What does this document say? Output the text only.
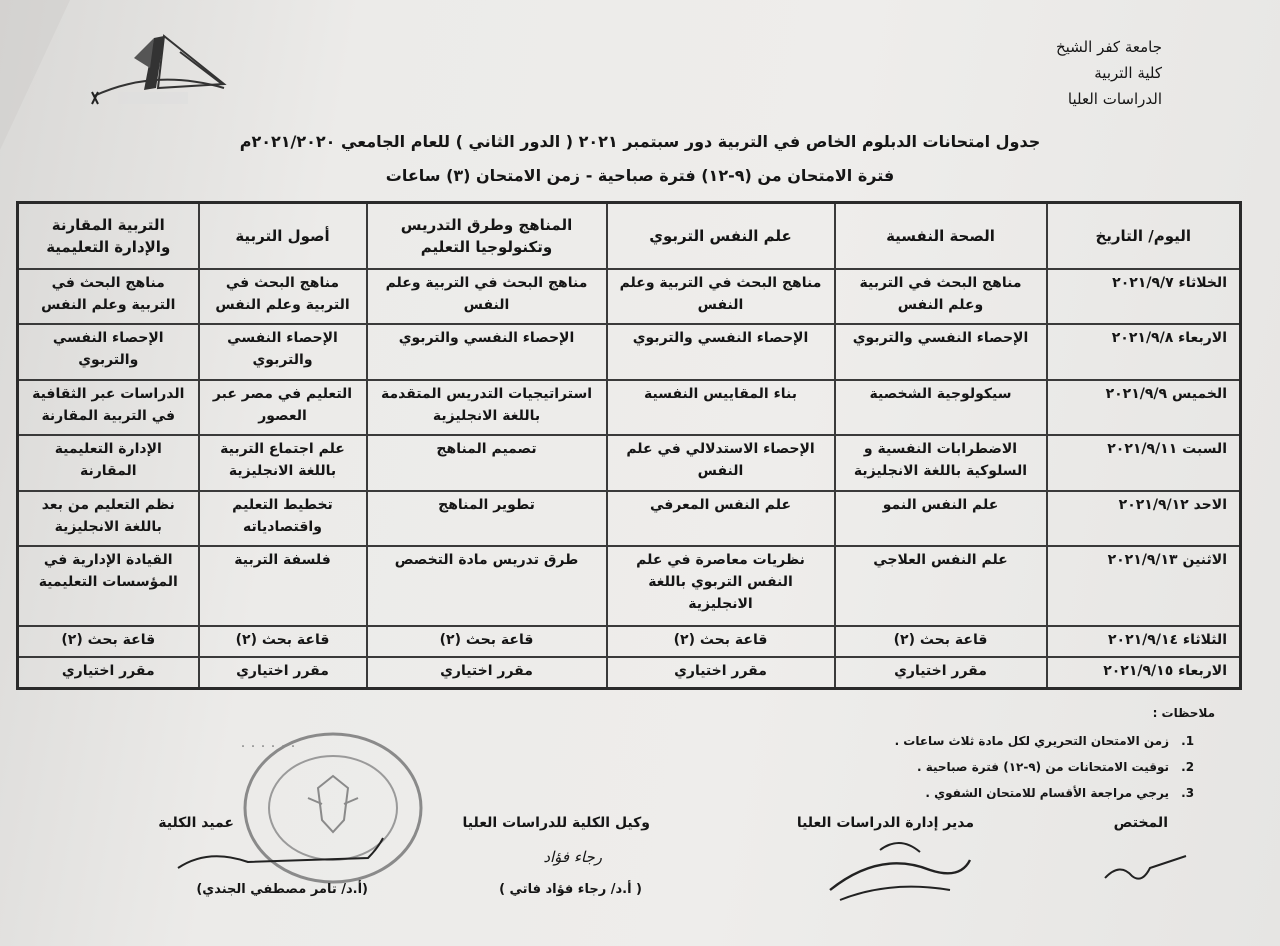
جامعة كفر الشيخ
كلية التربية
الدراسات العليا
جدول امتحانات الدبلوم الخاص في التربية دور سبتمبر ٢٠٢١ ( الدور الثاني ) للعام الجامعي ٢٠٢١/٢٠٢٠م
فترة الامتحان من (٩-١٢) فترة صباحية - زمن الامتحان (٣) ساعات
اليوم/ التاريخ	الصحة النفسية	علم النفس التربوي	المناهج وطرق التدريس وتكنولوجيا التعليم	أصول التربية	التربية المقارنة والإدارة التعليمية
الخلاثاء ٢٠٢١/٩/٧	مناهج البحث في التربية وعلم النفس	مناهج البحث في التربية وعلم النفس	مناهج البحث في التربية وعلم النفس	مناهج البحث في التربية وعلم النفس	مناهج البحث في التربية وعلم النفس
الاربعاء ٢٠٢١/٩/٨	الإحصاء النفسي والتربوي	الإحصاء النفسي والتربوي	الإحصاء النفسي والتربوي	الإحصاء النفسي والتربوي	الإحصاء النفسي والتربوي
الخميس ٢٠٢١/٩/٩	سيكولوجية الشخصية	بناء المقاييس النفسية	استراتيجيات التدريس المتقدمة باللغة الانجليزية	التعليم في مصر عبر العصور	الدراسات عبر الثقافية في التربية المقارنة
السبت ٢٠٢١/٩/١١	الاضطرابات النفسية و السلوكية باللغة الانجليزية	الإحصاء الاستدلالي في علم النفس	تصميم المناهج	علم اجتماع التربية باللغة الانجليزية	الإدارة التعليمية المقارنة
الاحد ٢٠٢١/٩/١٢	علم النفس النمو	علم النفس المعرفي	تطوير المناهج	تخطيط التعليم واقتصادياته	نظم التعليم من بعد باللغة الانجليزية
الاثنين ٢٠٢١/٩/١٣	علم النفس العلاجي	نظريات معاصرة في علم النفس التربوي باللغة الانجليزية	طرق تدريس مادة التخصص	فلسفة التربية	القيادة الإدارية في المؤسسات التعليمية
الثلاثاء ٢٠٢١/٩/١٤	قاعة بحث (٢)	قاعة بحث (٢)	قاعة بحث (٢)	قاعة بحث (٢)	قاعة بحث (٢)
الاربعاء ٢٠٢١/٩/١٥	مقرر اختياري	مقرر اختياري	مقرر اختياري	مقرر اختياري	مقرر اختياري
ملاحظات :
1. زمن الامتحان التحريري لكل مادة ثلاث ساعات .
2. توقيت الامتحانات من (٩-١٢) فترة صباحية .
3. يرجي مراجعة الأقسام للامتحان الشفوي .
・・・・・・
المختص
مدير إدارة الدراسات العليا
وكيل الكلية للدراسات العليا
عميد الكلية
رجاء فؤاد
( أ.د/ رجاء فؤاد فاتي )
(أ.د/ تامر مصطفي الجندي)
